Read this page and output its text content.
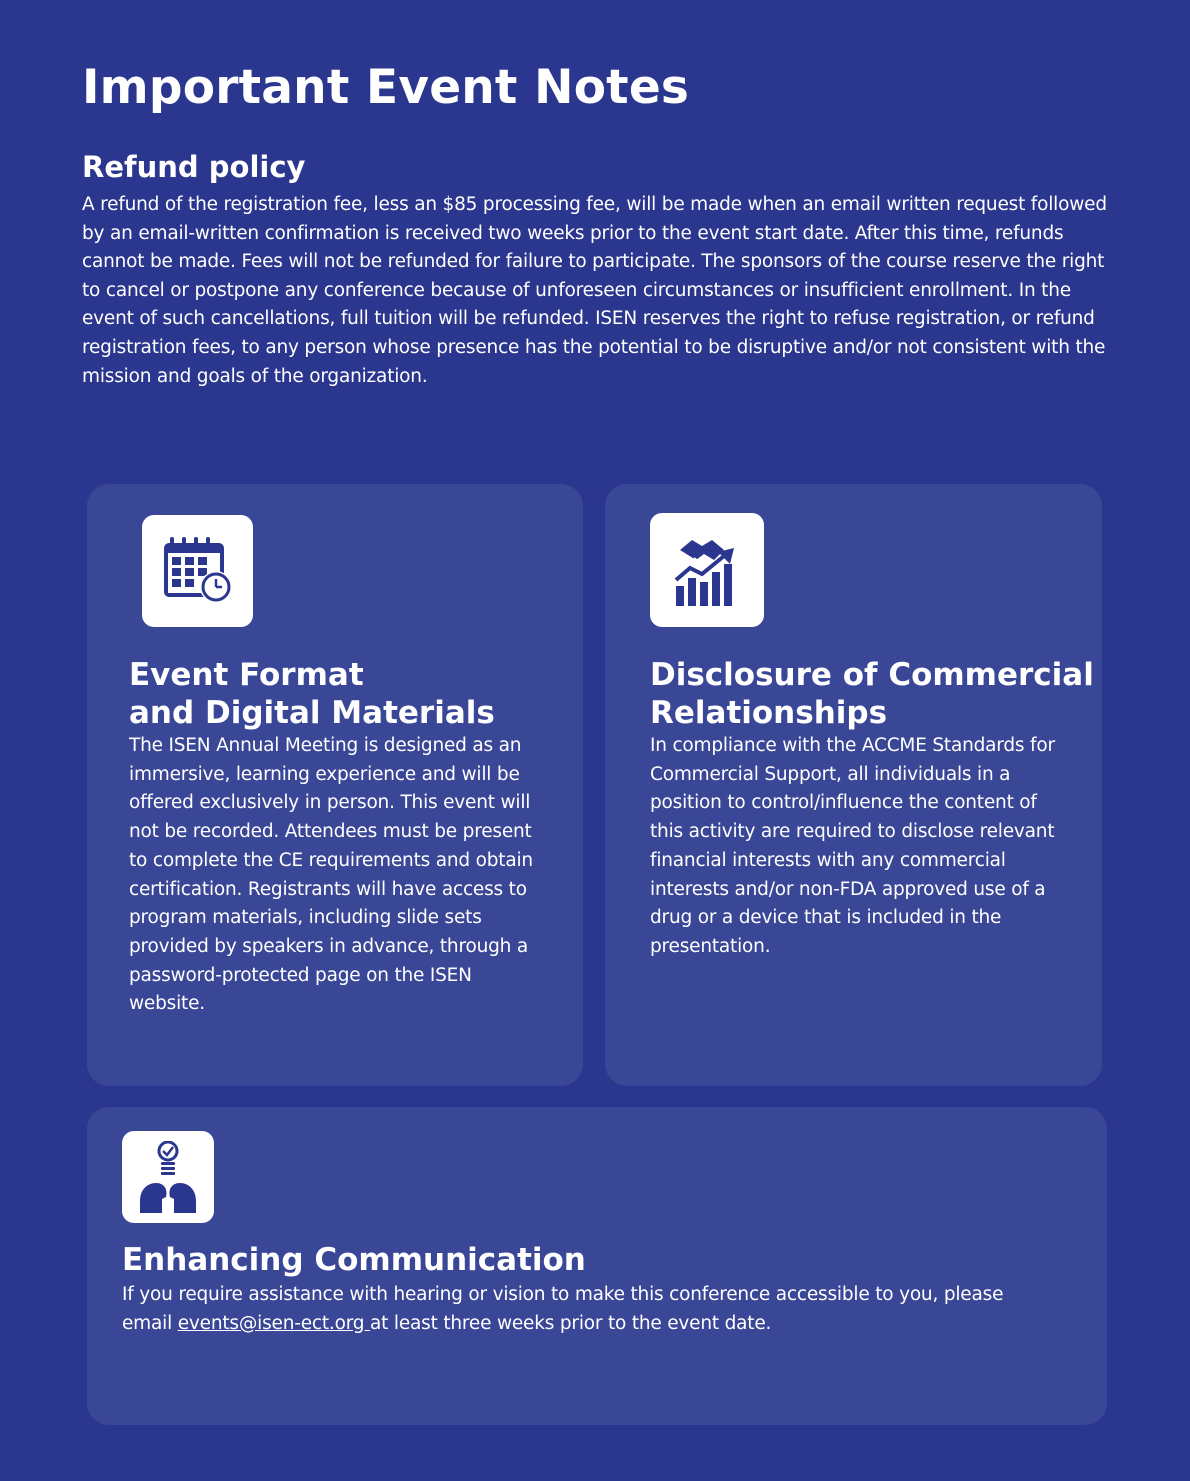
Important Event Notes
Refund policy
A refund of the registration fee, less an $85 processing fee, will be made when an email written request followed
by an email-written confirmation is received two weeks prior to the event start date. After this time, refunds
cannot be made. Fees will not be refunded for failure to participate. The sponsors of the course reserve the right
to cancel or postpone any conference because of unforeseen circumstances or insufficient enrollment. In the
event of such cancellations, full tuition will be refunded. ISEN reserves the right to refuse registration, or refund
registration fees, to any person whose presence has the potential to be disruptive and/or not consistent with the
mission and goals of the organization.
Event Format
and Digital Materials
The ISEN Annual Meeting is designed as an
immersive, learning experience and will be
offered exclusively in person. This event will
not be recorded. Attendees must be present
to complete the CE requirements and obtain
certification. Registrants will have access to
program materials, including slide sets
provided by speakers in advance, through a
password-protected page on the ISEN
website.
Disclosure of Commercial
Relationships
In compliance with the ACCME Standards for
Commercial Support, all individuals in a
position to control/influence the content of
this activity are required to disclose relevant
financial interests with any commercial
interests and/or non-FDA approved use of a
drug or a device that is included in the
presentation.
Enhancing Communication
If you require assistance with hearing or vision to make this conference accessible to you, please
email events@isen-ect.org at least three weeks prior to the event date.
